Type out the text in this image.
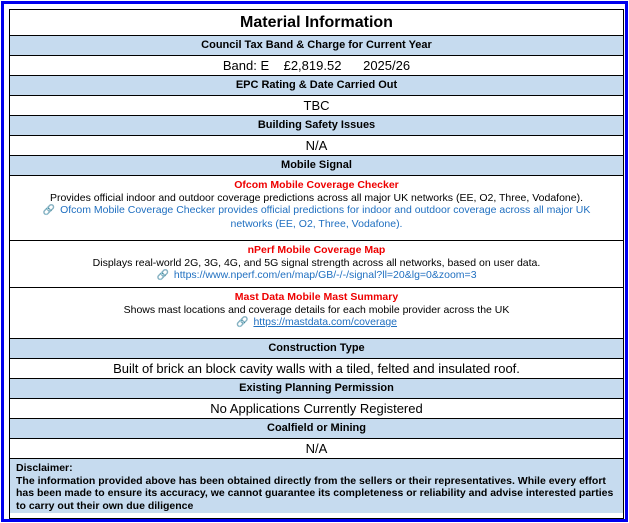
Material Information
Council Tax Band & Charge for Current Year
Band: E    £2,819.52      2025/26
EPC Rating & Date Carried Out
TBC
Building Safety Issues
N/A
Mobile Signal
Ofcom Mobile Coverage Checker
Provides official indoor and outdoor coverage predictions across all major UK networks (EE, O2, Three, Vodafone).
🔗 Ofcom Mobile Coverage Checker provides official predictions for indoor and outdoor coverage across all major UK networks (EE, O2, Three, Vodafone).
nPerf Mobile Coverage Map
Displays real-world 2G, 3G, 4G, and 5G signal strength across all networks, based on user data.
🔗 https://www.nperf.com/en/map/GB/-/-/signal?ll=20&lg=0&zoom=3
Mast Data Mobile Mast Summary
Shows mast locations and coverage details for each mobile provider across the UK
🔗 https://mastdata.com/coverage
Construction Type
Built of brick an block cavity walls with a tiled, felted and insulated roof.
Existing Planning Permission
No Applications Currently Registered
Coalfield or Mining
N/A
Disclaimer:
The information provided above has been obtained directly from the sellers or their representatives. While every effort has been made to ensure its accuracy, we cannot guarantee its completeness or reliability and advise interested parties to carry out their own due diligence
